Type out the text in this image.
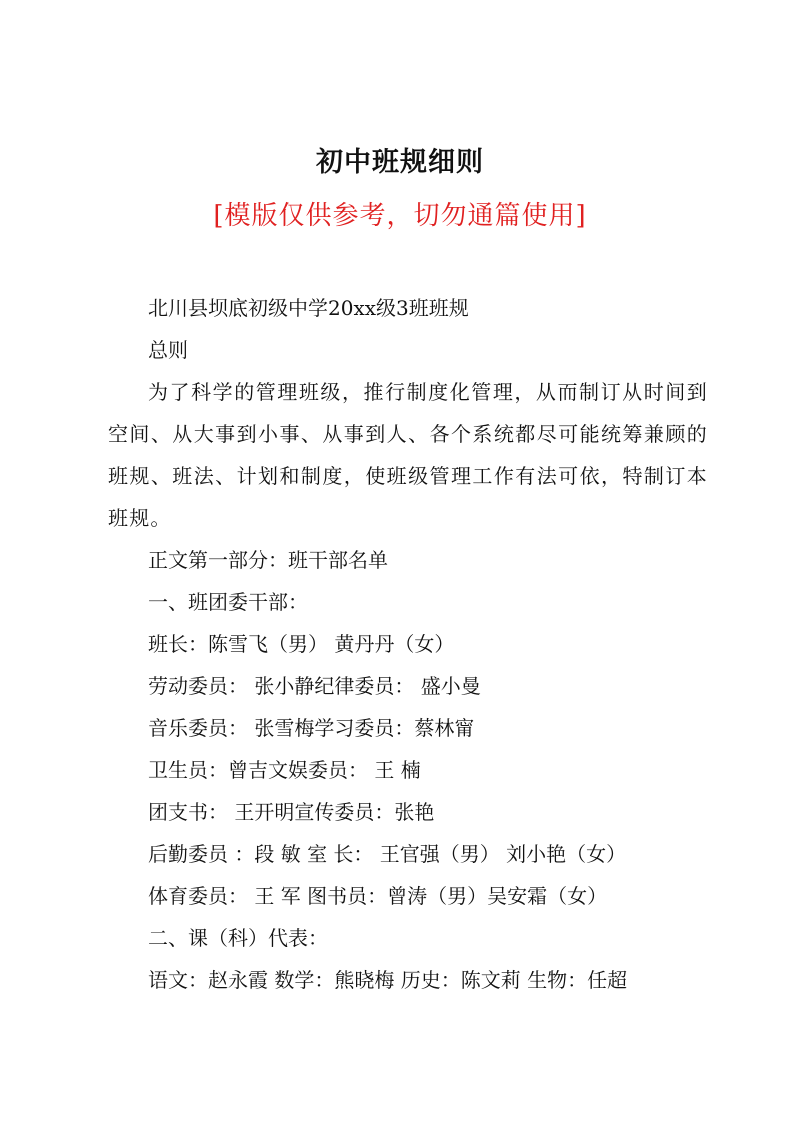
初中班规细则
[模版仅供参考，切勿通篇使用]

北川县坝底初级中学20xx级3班班规

总则

为了科学的管理班级，推行制度化管理，从而制订从时间到空间、从大事到小事、从事到人、各个系统都尽可能统筹兼顾的班规、班法、计划和制度，使班级管理工作有法可依，特制订本班规。

正文第一部分：班干部名单

一、班团委干部：

班长：陈雪飞（男） 黄丹丹（女）

劳动委员： 张小静纪律委员： 盛小曼

音乐委员： 张雪梅学习委员：蔡林甯

卫生员：曾吉文娱委员： 王 楠

团支书： 王开明宣传委员：张艳

后勤委员 ：段 敏 室 长： 王官强（男） 刘小艳（女）

体育委员： 王 军 图书员：曾涛（男）吴安霜（女）

二、课（科）代表：

语文：赵永霞 数学：熊晓梅 历史：陈文莉 生物：任超
